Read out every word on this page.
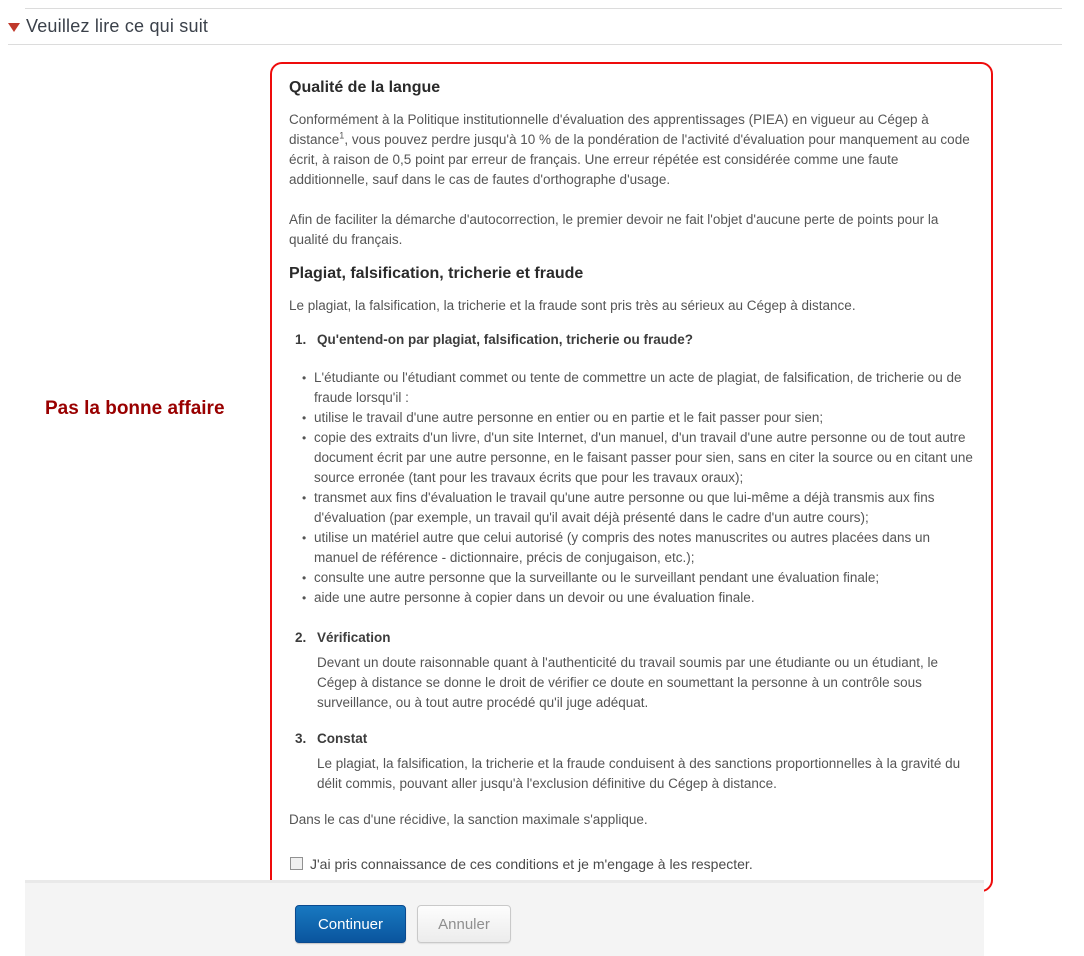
Veuillez lire ce qui suit
Pas la bonne affaire
Qualité de la langue

Conformément à la Politique institutionnelle d'évaluation des apprentissages (PIEA) en vigueur au Cégep à distance$^1$, vous pouvez perdre jusqu'à 10 % de la pondération de l'activité d'évaluation pour manquement au code écrit, à raison de 0,5 point par erreur de français. Une erreur répétée est considérée comme une faute additionnelle, sauf dans le cas de fautes d'orthographe d'usage.

Afin de faciliter la démarche d'autocorrection, le premier devoir ne fait l'objet d'aucune perte de points pour la qualité du français.

Plagiat, falsification, tricherie et fraude

Le plagiat, la falsification, la tricherie et la fraude sont pris très au sérieux au Cégep à distance.

1. Qu'entend-on par plagiat, falsification, tricherie ou fraude?
• L'étudiante ou l'étudiant commet ou tente de commettre un acte de plagiat, de falsification, de tricherie ou de fraude lorsqu'il :
• utilise le travail d'une autre personne en entier ou en partie et le fait passer pour sien;
• copie des extraits d'un livre, d'un site Internet, d'un manuel, d'un travail d'une autre personne ou de tout autre document écrit par une autre personne, en le faisant passer pour sien, sans en citer la source ou en citant une source erronée (tant pour les travaux écrits que pour les travaux oraux);
• transmet aux fins d'évaluation le travail qu'une autre personne ou que lui-même a déjà transmis aux fins d'évaluation (par exemple, un travail qu'il avait déjà présenté dans le cadre d'un autre cours);
• utilise un matériel autre que celui autorisé (y compris des notes manuscrites ou autres placées dans un manuel de référence - dictionnaire, précis de conjugaison, etc.);
• consulte une autre personne que la surveillante ou le surveillant pendant une évaluation finale;
• aide une autre personne à copier dans un devoir ou une évaluation finale.
2. Vérification
Devant un doute raisonnable quant à l'authenticité du travail soumis par une étudiante ou un étudiant, le Cégep à distance se donne le droit de vérifier ce doute en soumettant la personne à un contrôle sous surveillance, ou à tout autre procédé qu'il juge adéquat.
3. Constat
Le plagiat, la falsification, la tricherie et la fraude conduisent à des sanctions proportionnelles à la gravité du délit commis, pouvant aller jusqu'à l'exclusion définitive du Cégep à distance.

Dans le cas d'une récidive, la sanction maximale s'applique.

J'ai pris connaissance de ces conditions et je m'engage à les respecter.
Continuer	Annuler
